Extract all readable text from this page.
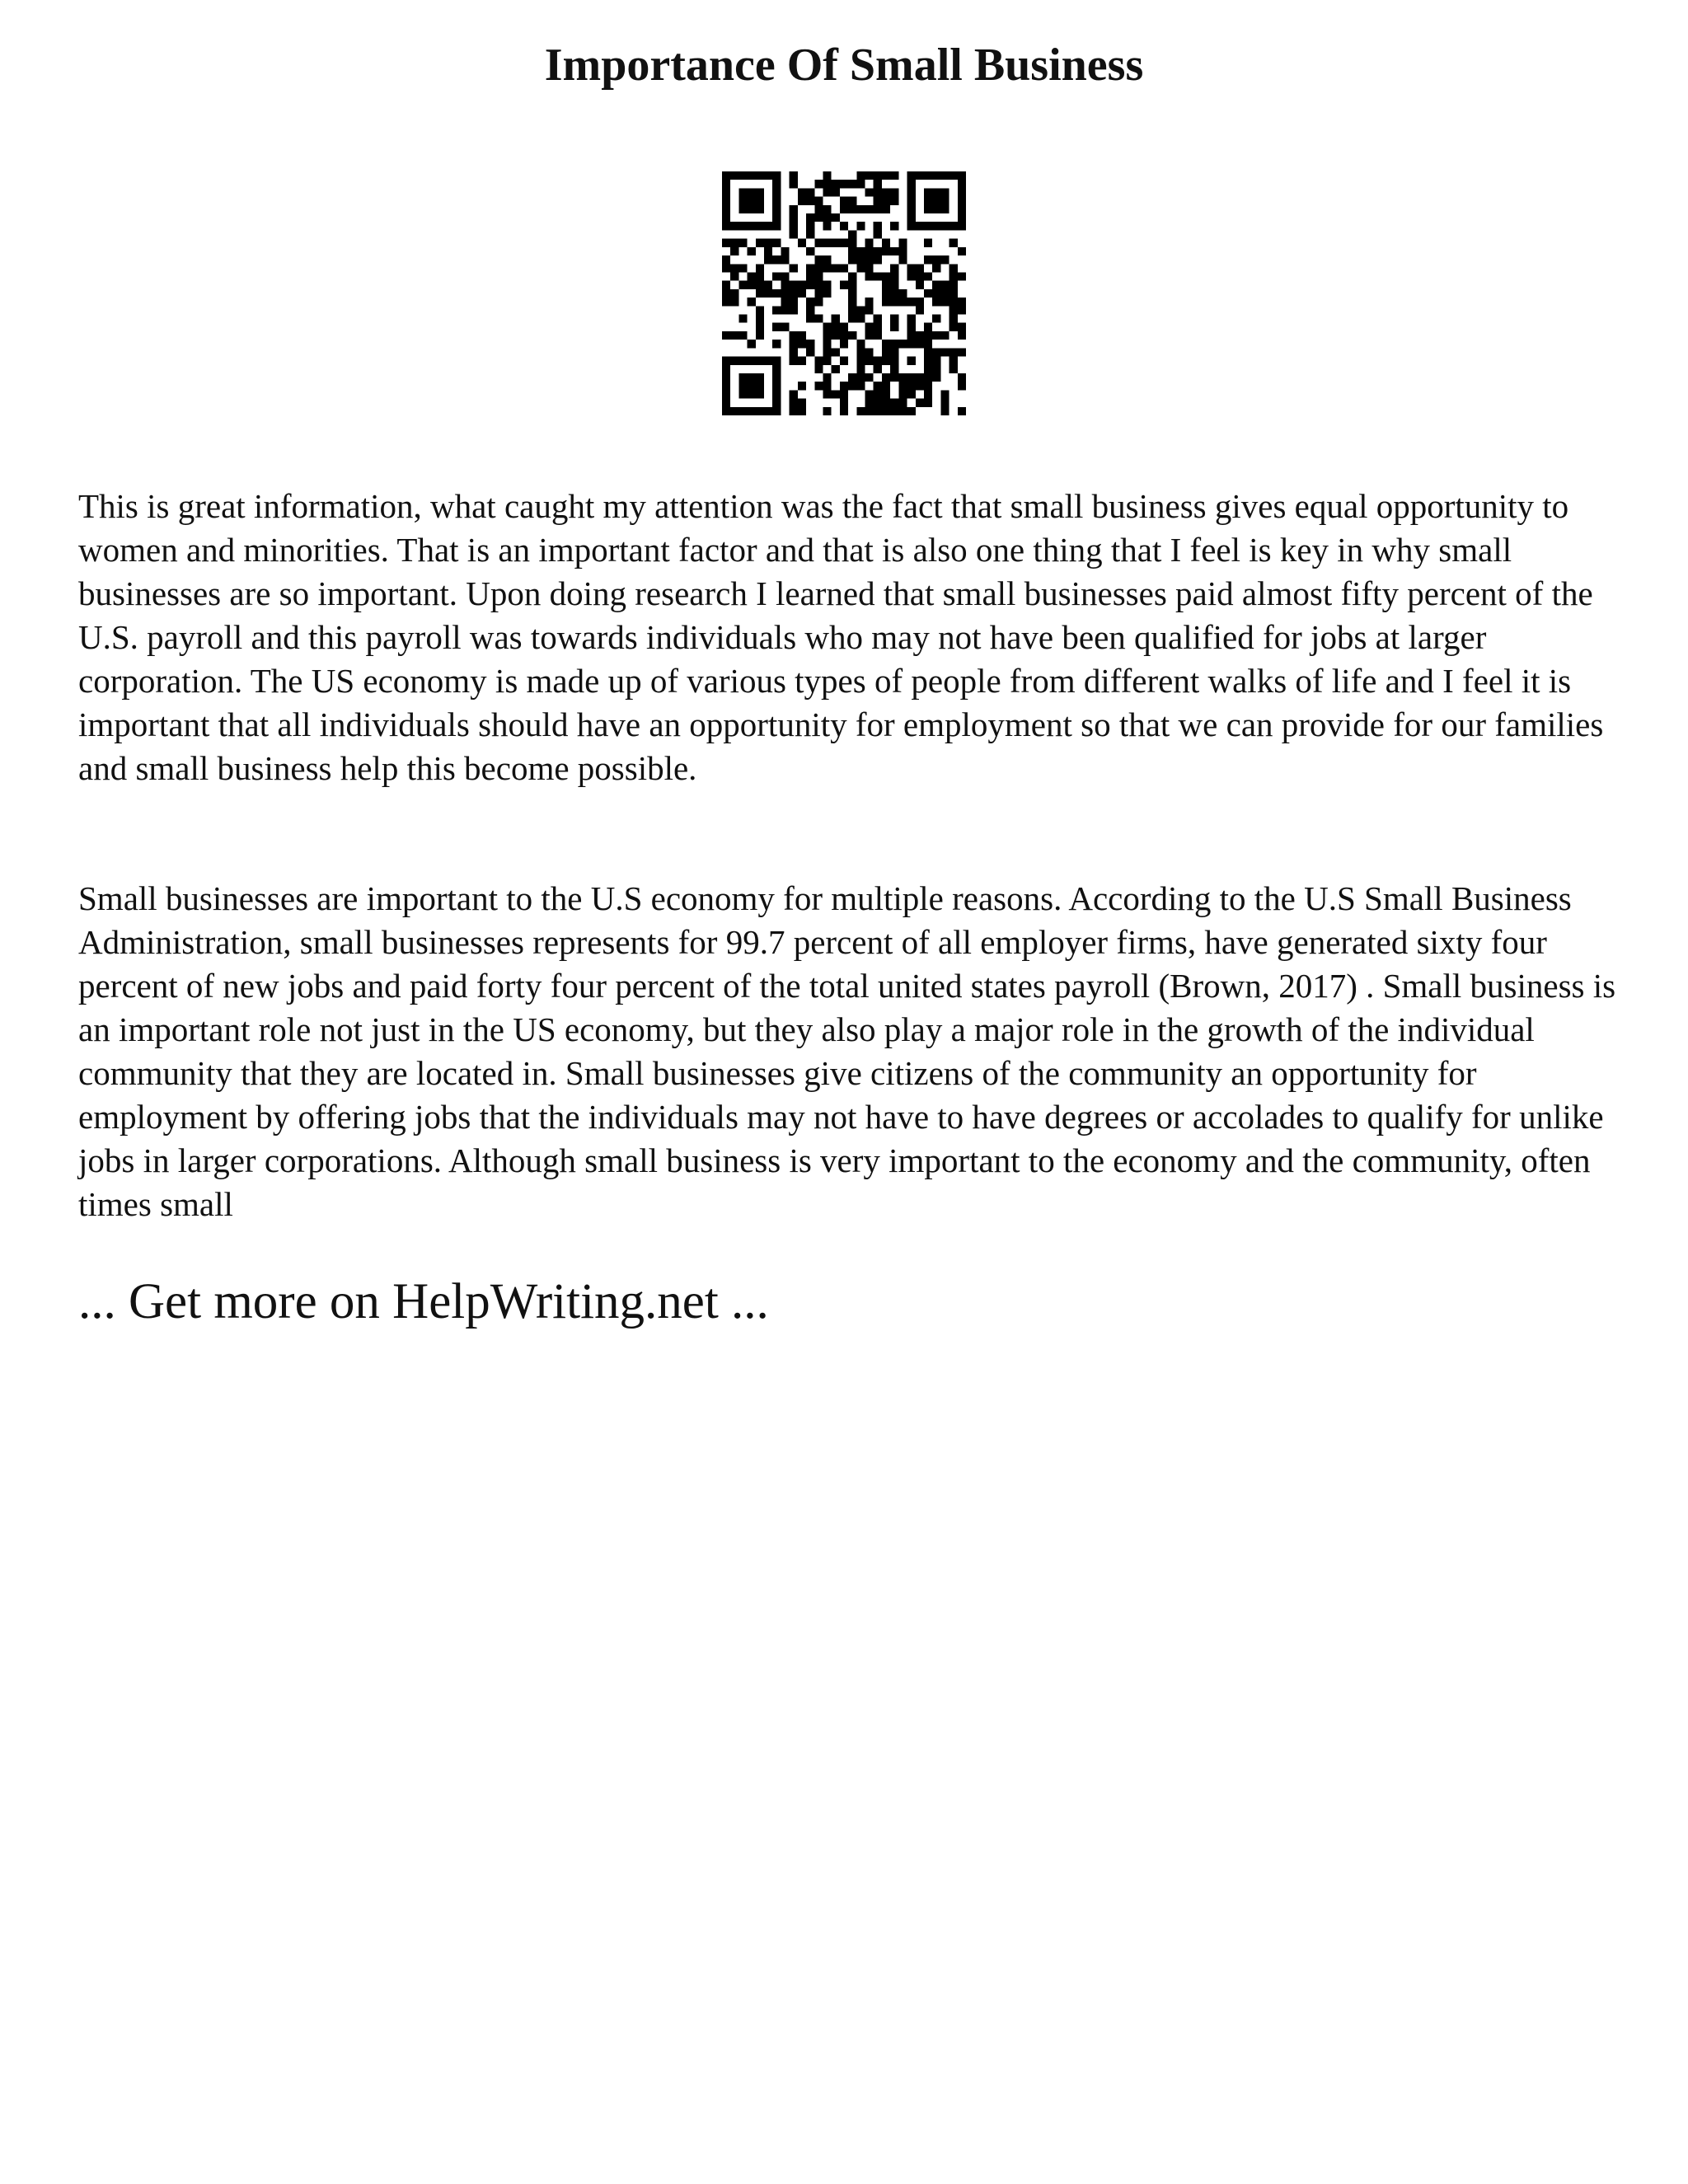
Importance Of Small Business

This is great information, what caught my attention was the fact that small business gives equal opportunity to women and minorities. That is an important factor and that is also one thing that I feel is key in why small businesses are so important. Upon doing research I learned that small businesses paid almost fifty percent of the U.S. payroll and this payroll was towards individuals who may not have been qualified for jobs at larger corporation. The US economy is made up of various types of people from different walks of life and I feel it is important that all individuals should have an opportunity for employment so that we can provide for our families and small business help this become possible.

Small businesses are important to the U.S economy for multiple reasons. According to the U.S Small Business Administration, small businesses represents for 99.7 percent of all employer firms, have generated sixty four percent of new jobs and paid forty four percent of the total united states payroll (Brown, 2017) . Small business is an important role not just in the US economy, but they also play a major role in the growth of the individual community that they are located in. Small businesses give citizens of the community an opportunity for employment by offering jobs that the individuals may not have to have degrees or accolades to qualify for unlike jobs in larger corporations. Although small business is very important to the economy and the community, often times small

... Get more on HelpWriting.net ...
